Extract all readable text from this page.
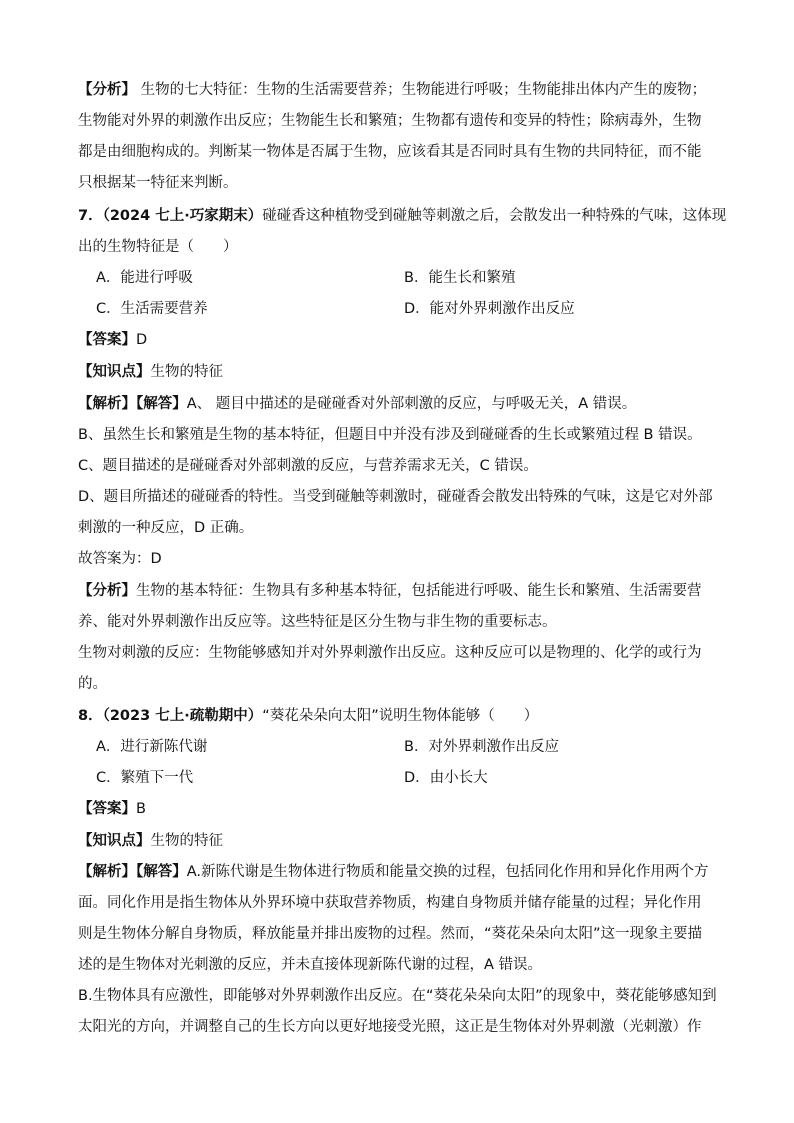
【分析】 生物的七大特征：生物的生活需要营养；生物能进行呼吸；生物能排出体内产生的废物；
生物能对外界的刺激作出反应；生物能生长和繁殖；生物都有遗传和变异的特性；除病毒外，生物
都是由细胞构成的。判断某一物体是否属于生物，应该看其是否同时具有生物的共同特征，而不能
只根据某一特征来判断。
7．（2024 七上·巧家期末）碰碰香这种植物受到碰触等刺激之后，会散发出一种特殊的气味，这体现
出的生物特征是（　　）
A．能进行呼吸	B．能生长和繁殖
C．生活需要营养	D．能对外界刺激作出反应
【答案】D
【知识点】生物的特征
【解析】【解答】A、 题目中描述的是碰碰香对外部刺激的反应，与呼吸无关，A 错误。
B、虽然生长和繁殖是生物的基本特征，但题目中并没有涉及到碰碰香的生长或繁殖过程 B 错误。
C、题目描述的是碰碰香对外部刺激的反应，与营养需求无关，C 错误。
D、题目所描述的碰碰香的特性。当受到碰触等刺激时，碰碰香会散发出特殊的气味，这是它对外部
刺激的一种反应，D 正确。
故答案为：D
【分析】生物的基本特征：生物具有多种基本特征，包括能进行呼吸、能生长和繁殖、生活需要营
养、能对外界刺激作出反应等。这些特征是区分生物与非生物的重要标志。
生物对刺激的反应：生物能够感知并对外界刺激作出反应。这种反应可以是物理的、化学的或行为
的。
8．（2023 七上·疏勒期中）“葵花朵朵向太阳”说明生物体能够（　　）
A．进行新陈代谢	B．对外界刺激作出反应
C．繁殖下一代	D．由小长大
【答案】B
【知识点】生物的特征
【解析】【解答】A.新陈代谢是生物体进行物质和能量交换的过程，包括同化作用和异化作用两个方
面。同化作用是指生物体从外界环境中获取营养物质，构建自身物质并储存能量的过程；异化作用
则是生物体分解自身物质，释放能量并排出废物的过程。然而，“葵花朵朵向太阳”这一现象主要描
述的是生物体对光刺激的反应，并未直接体现新陈代谢的过程，A 错误。
B.生物体具有应激性，即能够对外界刺激作出反应。在“葵花朵朵向太阳”的现象中，葵花能够感知到
太阳光的方向，并调整自己的生长方向以更好地接受光照，这正是生物体对外界刺激（光刺激）作
